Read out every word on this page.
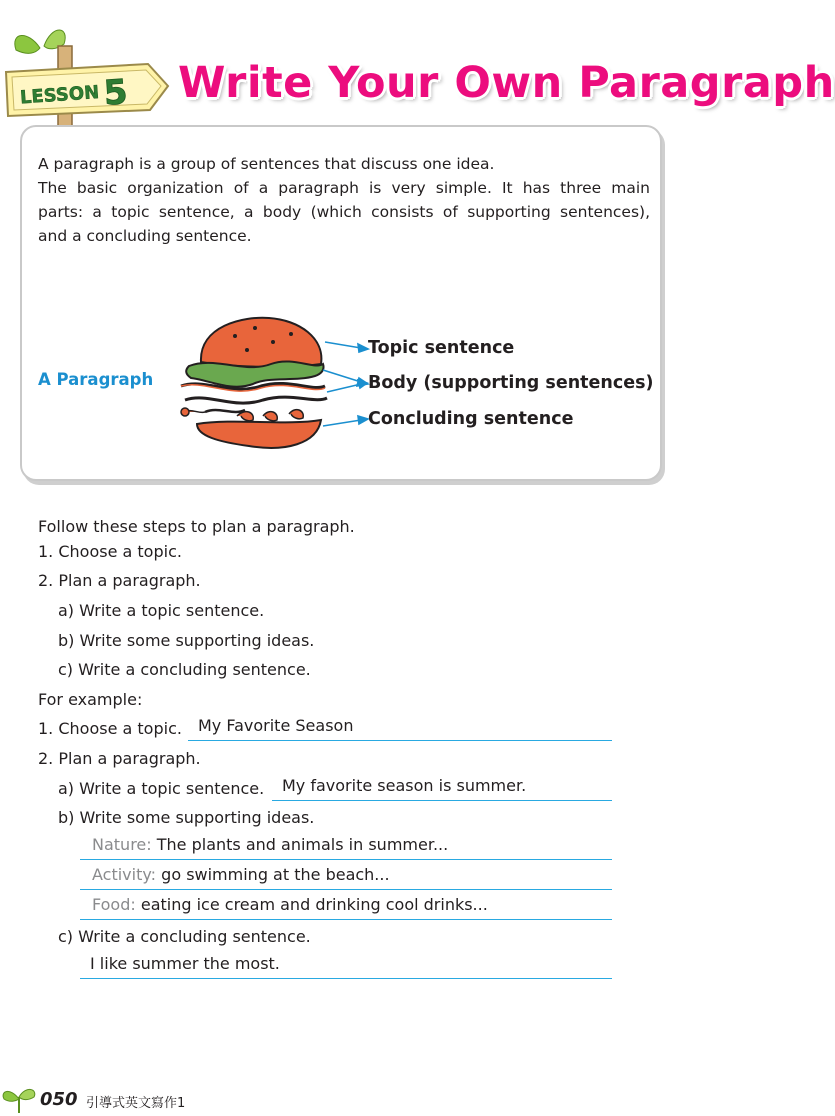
LESSON 5 Write Your Own Paragraph
A paragraph is a group of sentences that discuss one idea.
The basic organization of a paragraph is very simple. It has three main
parts: a topic sentence, a body (which consists of supporting sentences),
and a concluding sentence.
A Paragraph
Topic sentence
Body (supporting sentences)
Concluding sentence
Follow these steps to plan a paragraph.
1. Choose a topic.
2. Plan a paragraph.
a) Write a topic sentence.
b) Write some supporting ideas.
c) Write a concluding sentence.
For example:
1. Choose a topic.	My Favorite Season
2. Plan a paragraph.
a) Write a topic sentence.	My favorite season is summer.
b) Write some supporting ideas.
Nature: The plants and animals in summer...
Activity: go swimming at the beach...
Food: eating ice cream and drinking cool drinks...
c) Write a concluding sentence.
I like summer the most.
050 引導式英文寫作1
